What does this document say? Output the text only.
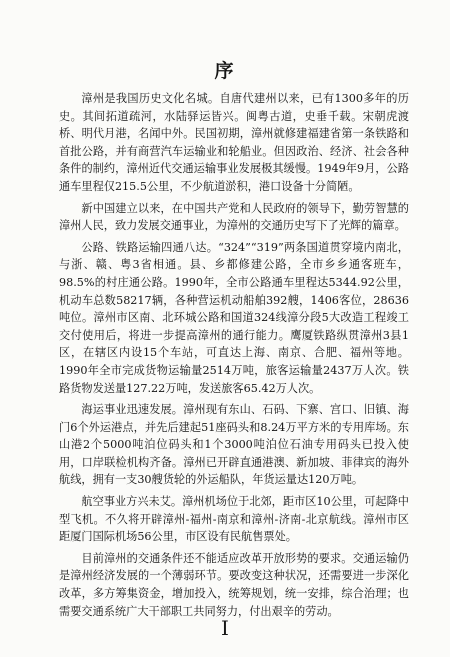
序

漳州是我国历史文化名城。自唐代建州以来，已有1300多年的历史。其间拓道疏河，水陆驿运皆兴。闽粤古道，史垂千载。宋朝虎渡桥、明代月港，名闻中外。民国初期，漳州就修建福建省第一条铁路和首批公路，并有商营汽车运输业和轮船业。但因政治、经济、社会各种条件的制约，漳州近代交通运输事业发展极其缓慢。1949年9月，公路通车里程仅215.5公里，不少航道淤积，港口设备十分简陋。

新中国建立以来，在中国共产党和人民政府的领导下，勤劳智慧的漳州人民，致力发展交通事业，为漳州的交通历史写下了光辉的篇章。

公路、铁路运输四通八达。“324”“319”两条国道贯穿境内南北，与浙、赣、粤3省相通。县、乡都修建公路，全市乡乡通客班车，98.5%的村庄通公路。1990年，全市公路通车里程达5344.92公里，机动车总数58217辆，各种营运机动船舶392艘，1406客位，28636吨位。漳州市区南、北环城公路和国道324线漳分段5大改造工程竣工交付使用后，将进一步提高漳州的通行能力。鹰厦铁路纵贯漳州3县1区，在辖区内设15个车站，可直达上海、南京、合肥、福州等地。1990年全市完成货物运输量2514万吨，旅客运输量2437万人次。铁路货物发送量127.22万吨，发送旅客65.42万人次。

海运事业迅速发展。漳州现有东山、石码、下寨、宫口、旧镇、海门6个外运港点，并先后建起51座码头和8.24万平方米的专用库场。东山港2个5000吨泊位码头和1个3000吨泊位石油专用码头已投入使用，口岸联检机构齐备。漳州已开辟直通港澳、新加坡、菲律宾的海外航线，拥有一支30艘货轮的外运船队，年货运量达120万吨。

航空事业方兴未艾。漳州机场位于北郊，距市区10公里，可起降中型飞机。不久将开辟漳州-福州-南京和漳州-济南-北京航线。漳州市区距厦门国际机场56公里，市区设有民航售票处。

目前漳州的交通条件还不能适应改革开放形势的要求。交通运输仍是漳州经济发展的一个薄弱环节。要改变这种状况，还需要进一步深化改革，多方筹集资金，增加投入，统筹规划，统一安排，综合治理；也需要交通系统广大干部职工共同努力，付出艰辛的劳动。

I
